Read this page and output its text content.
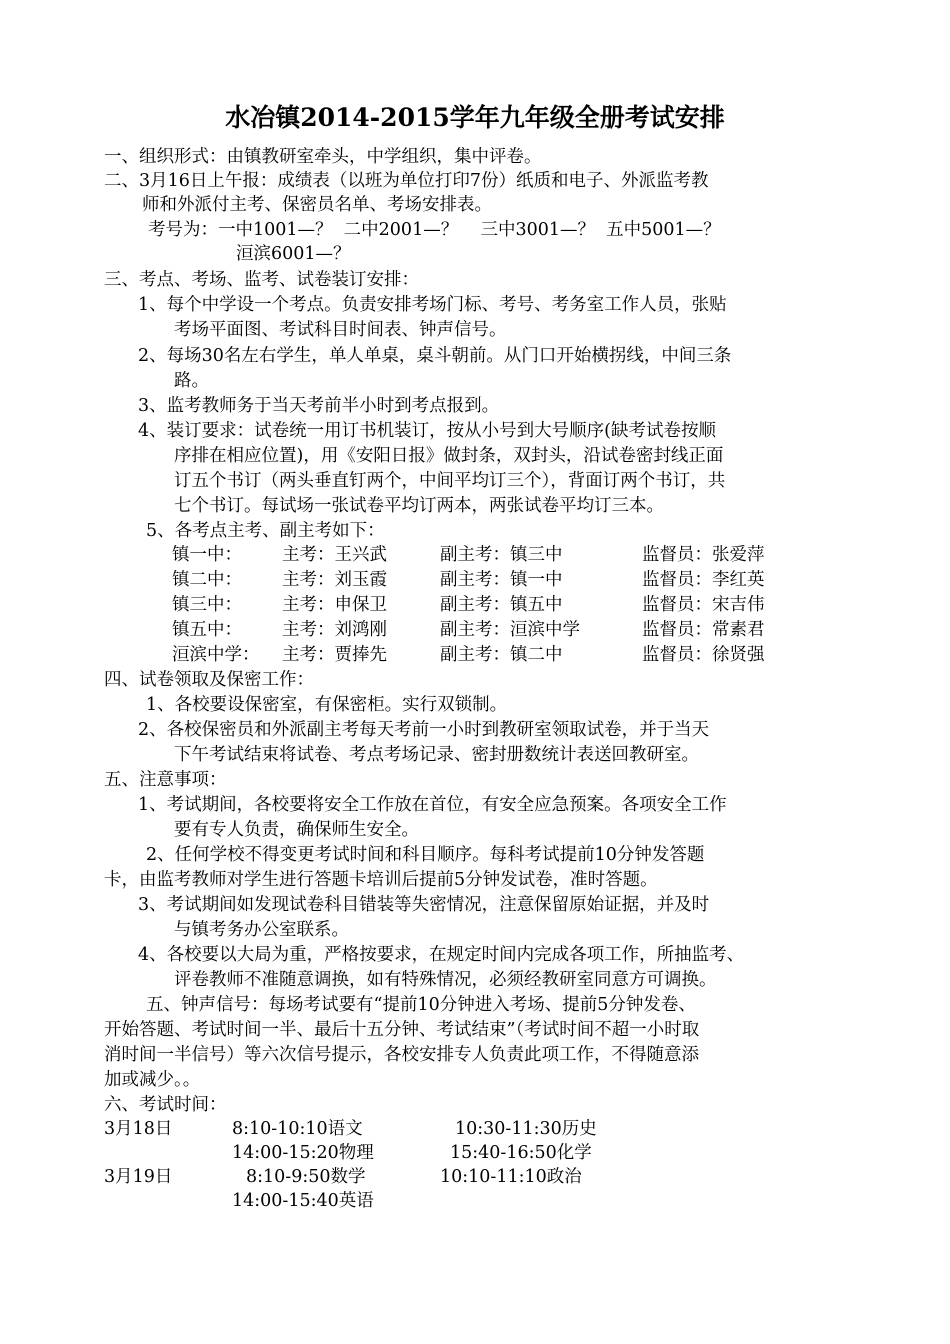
水冶镇2014-2015学年九年级全册考试安排
一、组织形式：由镇教研室牵头，中学组织，集中评卷。
二、3月16日上午报：成绩表（以班为单位打印7份）纸质和电子、外派监考教
师和外派付主考、保密员名单、考场安排表。
考号为：一中1001—？  二中2001—？    三中3001—？  五中5001—？
洹滨6001—？
三、考点、考场、监考、试卷装订安排：
1、每个中学设一个考点。负责安排考场门标、考号、考务室工作人员，张贴
考场平面图、考试科目时间表、钟声信号。
2、每场30名左右学生，单人单桌，桌斗朝前。从门口开始横拐线，中间三条
路。
3、监考教师务于当天考前半小时到考点报到。
4、装订要求：试卷统一用订书机装订，按从小号到大号顺序(缺考试卷按顺
序排在相应位置)，用《安阳日报》做封条，双封头，沿试卷密封线正面
订五个书订（两头垂直钉两个，中间平均订三个），背面订两个书订，共
七个书订。每试场一张试卷平均订两本，两张试卷平均订三本。
5、各考点主考、副主考如下：
镇一中： 主考：王兴武	副主考：镇三中	监督员：张爱萍
镇二中： 主考：刘玉霞	副主考：镇一中	监督员：李红英
镇三中： 主考：申保卫	副主考：镇五中	监督员：宋吉伟
镇五中： 主考：刘鸿刚	副主考：洹滨中学	监督员：常素君
洹滨中学： 主考：贾捧先	副主考：镇二中	监督员：徐贤强
四、试卷领取及保密工作：
1、各校要设保密室，有保密柜。实行双锁制。
2、各校保密员和外派副主考每天考前一小时到教研室领取试卷，并于当天
下午考试结束将试卷、考点考场记录、密封册数统计表送回教研室。
五、注意事项：
1、考试期间，各校要将安全工作放在首位，有安全应急预案。各项安全工作
要有专人负责，确保师生安全。
2、任何学校不得变更考试时间和科目顺序。每科考试提前10分钟发答题
卡，由监考教师对学生进行答题卡培训后提前5分钟发试卷，准时答题。
3、考试期间如发现试卷科目错装等失密情况，注意保留原始证据，并及时
与镇考务办公室联系。
4、各校要以大局为重，严格按要求，在规定时间内完成各项工作，所抽监考、
评卷教师不准随意调换，如有特殊情况，必须经教研室同意方可调换。
五、钟声信号：每场考试要有“提前10分钟进入考场、提前5分钟发卷、
开始答题、考试时间一半、最后十五分钟、考试结束”（考试时间不超一小时取
消时间一半信号）等六次信号提示，各校安排专人负责此项工作，不得随意添
加或减少。。
六、考试时间：
3月18日	8:10-10:10语文	10:30-11:30历史
14:00-15:20物理	15:40-16:50化学
3月19日	8:10-9:50数学	10:10-11:10政治
14:00-15:40英语
